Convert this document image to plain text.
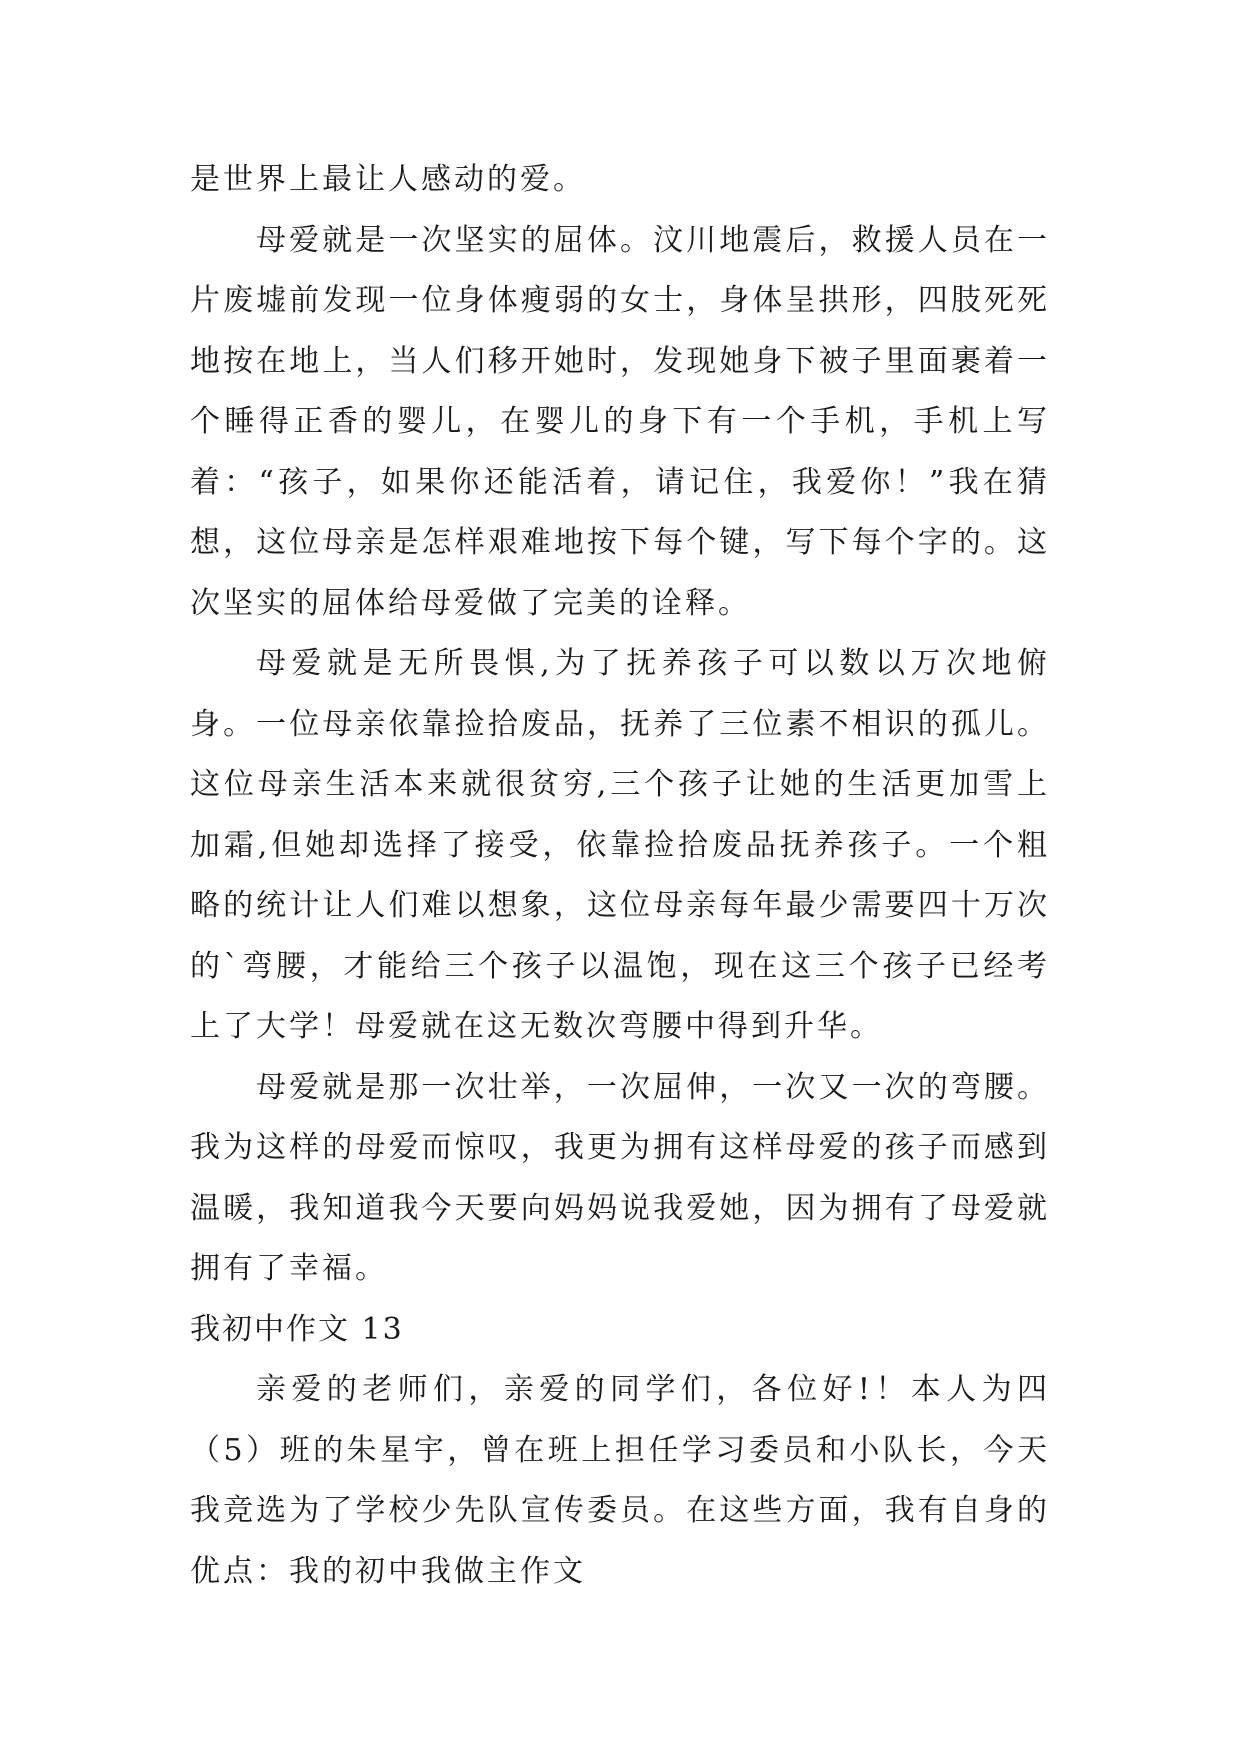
是世界上最让人感动的爱。

母爱就是一次坚实的屈体。汶川地震后，救援人员在一片废墟前发现一位身体瘦弱的女士，身体呈拱形，四肢死死地按在地上，当人们移开她时，发现她身下被子里面裹着一个睡得正香的婴儿，在婴儿的身下有一个手机，手机上写着：“孩子，如果你还能活着，请记住，我爱你！”我在猜想，这位母亲是怎样艰难地按下每个键，写下每个字的。这次坚实的屈体给母爱做了完美的诠释。

母爱就是无所畏惧,为了抚养孩子可以数以万次地俯身。一位母亲依靠捡拾废品，抚养了三位素不相识的孤儿。这位母亲生活本来就很贫穷,三个孩子让她的生活更加雪上加霜,但她却选择了接受，依靠捡拾废品抚养孩子。一个粗略的统计让人们难以想象，这位母亲每年最少需要四十万次的`弯腰，才能给三个孩子以温饱，现在这三个孩子已经考上了大学！母爱就在这无数次弯腰中得到升华。

母爱就是那一次壮举，一次屈伸，一次又一次的弯腰。我为这样的母爱而惊叹，我更为拥有这样母爱的孩子而感到温暖，我知道我今天要向妈妈说我爱她，因为拥有了母爱就拥有了幸福。

我初中作文 13

亲爱的老师们，亲爱的同学们，各位好!！本人为四（5）班的朱星宇，曾在班上担任学习委员和小队长，今天我竞选为了学校少先队宣传委员。在这些方面，我有自身的优点：我的初中我做主作文
